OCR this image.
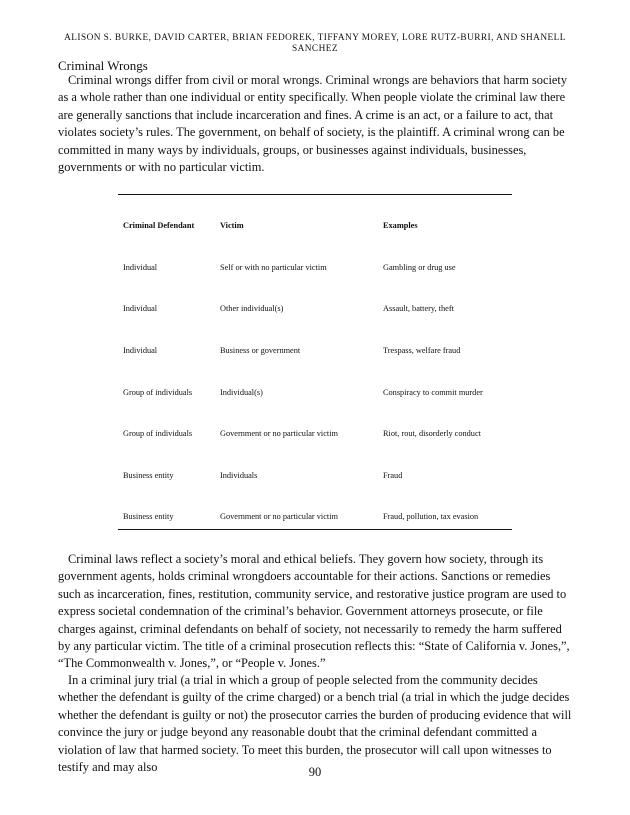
ALISON S. BURKE, DAVID CARTER, BRIAN FEDOREK, TIFFANY MOREY, LORE RUTZ-BURRI, AND SHANELL SANCHEZ
Criminal Wrongs

Criminal wrongs differ from civil or moral wrongs. Criminal wrongs are behaviors that harm society as a whole rather than one individual or entity specifically. When people violate the criminal law there are generally sanctions that include incarceration and fines. A crime is an act, or a failure to act, that violates society’s rules. The government, on behalf of society, is the plaintiff. A criminal wrong can be committed in many ways by individuals, groups, or businesses against individuals, businesses, governments or with no particular victim.

Criminal Defendant	Victim	Examples
Individual	Self or with no particular victim	Gambling or drug use
Individual	Other individual(s)	Assault, battery, theft
Individual	Business or government	Trespass, welfare fraud
Group of individuals	Individual(s)	Conspiracy to commit murder
Group of individuals	Government or no particular victim	Riot, rout, disorderly conduct
Business entity	Individuals	Fraud
Business entity	Government or no particular victim	Fraud, pollution, tax evasion

Criminal laws reflect a society’s moral and ethical beliefs. They govern how society, through its government agents, holds criminal wrongdoers accountable for their actions. Sanctions or remedies such as incarceration, fines, restitution, community service, and restorative justice program are used to express societal condemnation of the criminal’s behavior. Government attorneys prosecute, or file charges against, criminal defendants on behalf of society, not necessarily to remedy the harm suffered by any particular victim. The title of a criminal prosecution reflects this: “State of California v. Jones,”, “The Commonwealth v. Jones,”, or “People v. Jones.”

In a criminal jury trial (a trial in which a group of people selected from the community decides whether the defendant is guilty of the crime charged) or a bench trial (a trial in which the judge decides whether the defendant is guilty or not) the prosecutor carries the burden of producing evidence that will convince the jury or judge beyond any reasonable doubt that the criminal defendant committed a violation of law that harmed society. To meet this burden, the prosecutor will call upon witnesses to testify and may also	90
